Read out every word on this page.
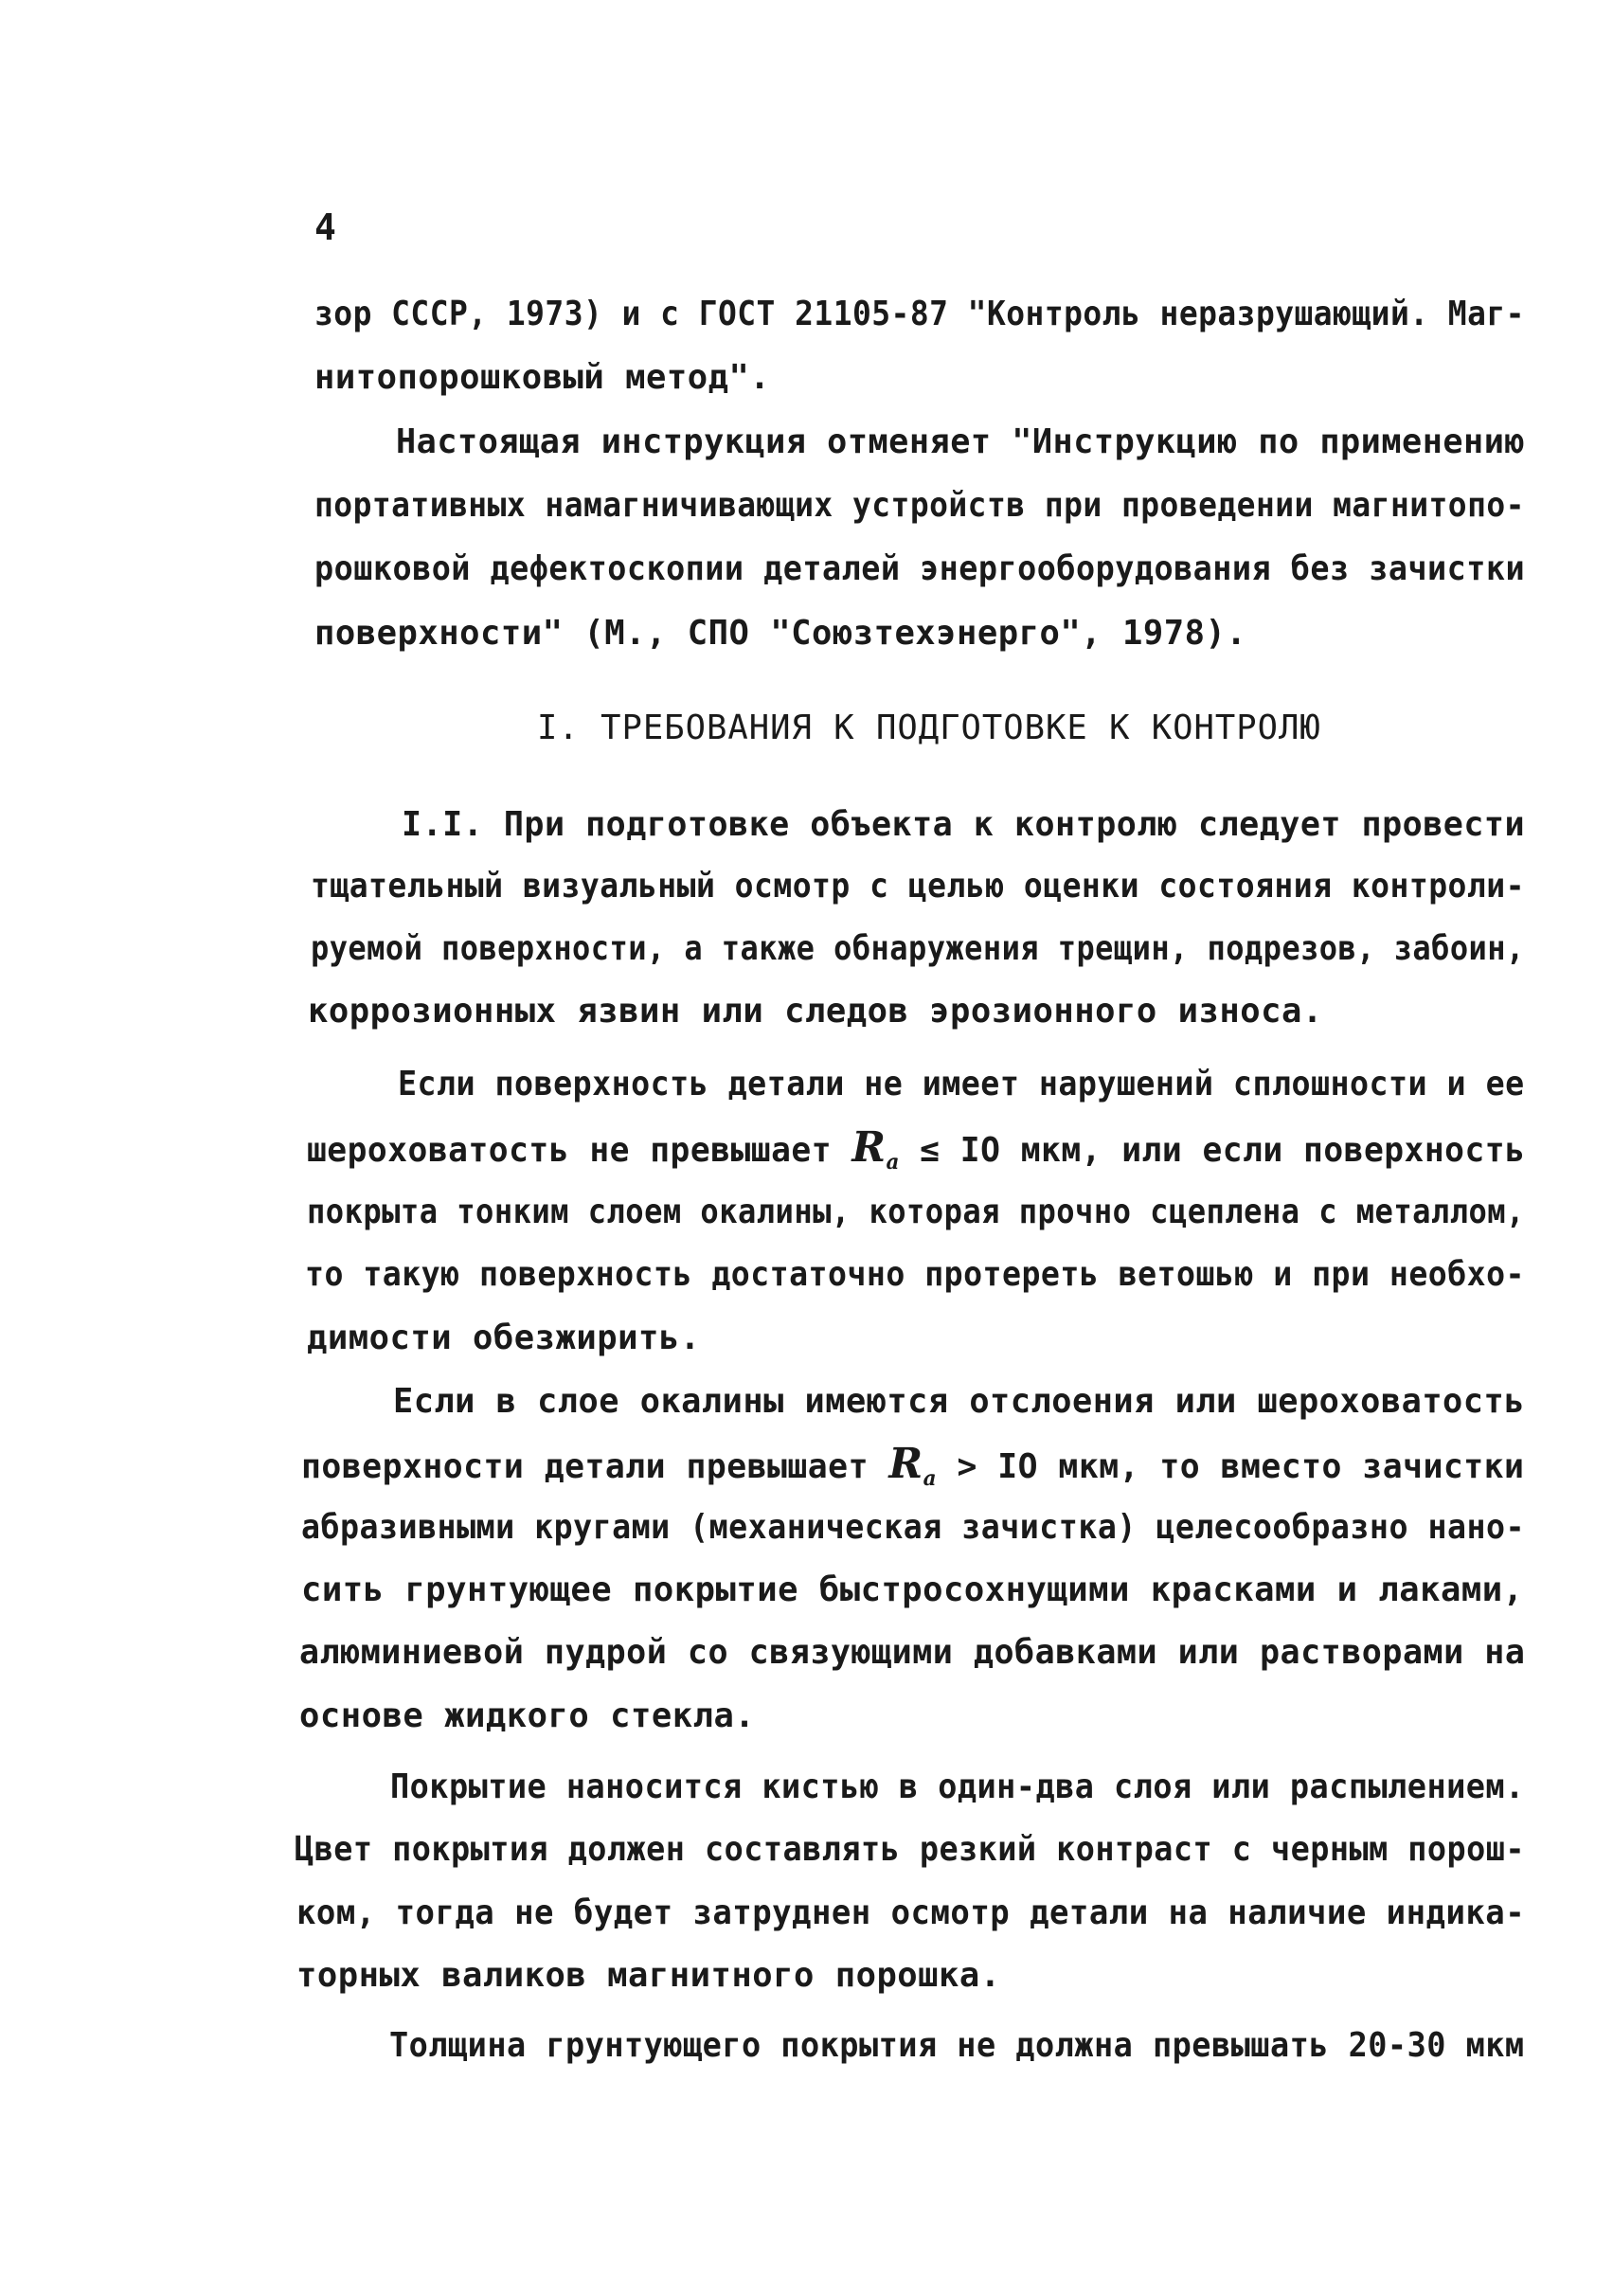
4
зор СССР, 1973) и с ГОСТ 21105-87 "Контроль неразрушающий. Маг-
нитопорошковый метод".
Настоящая инструкция отменяет "Инструкцию по применению
портативных намагничивающих устройств при проведении магнитопо-
рошковой дефектоскопии деталей энергооборудования без зачистки
поверхности" (М., СПО "Союзтехэнерго", 1978).
I. ТРЕБОВАНИЯ К ПОДГОТОВКЕ К КОНТРОЛЮ
I.I. При подготовке объекта к контролю следует провести
тщательный визуальный осмотр с целью оценки состояния контроли-
руемой поверхности, а также обнаружения трещин, подрезов, забоин,
коррозионных язвин или следов эрозионного износа.
Если поверхность детали не имеет нарушений сплошности и ее
шероховатость не превышает $R_а$ ≤ IO мкм, или если поверхность
покрыта тонким слоем окалины, которая прочно сцеплена с металлом,
то такую поверхность достаточно протереть ветошью и при необхо-
димости обезжирить.
Если в слое окалины имеются отслоения или шероховатость
поверхности детали превышает $R_а$ > IO мкм, то вместо зачистки
абразивными кругами (механическая зачистка) целесообразно нано-
сить грунтующее покрытие быстросохнущими красками и лаками,
алюминиевой пудрой со связующими добавками или растворами на
основе жидкого стекла.
Покрытие наносится кистью в один-два слоя или распылением.
Цвет покрытия должен составлять резкий контраст с черным порош-
ком, тогда не будет затруднен осмотр детали на наличие индика-
торных валиков магнитного порошка.
Толщина грунтующего покрытия не должна превышать 20-30 мкм
